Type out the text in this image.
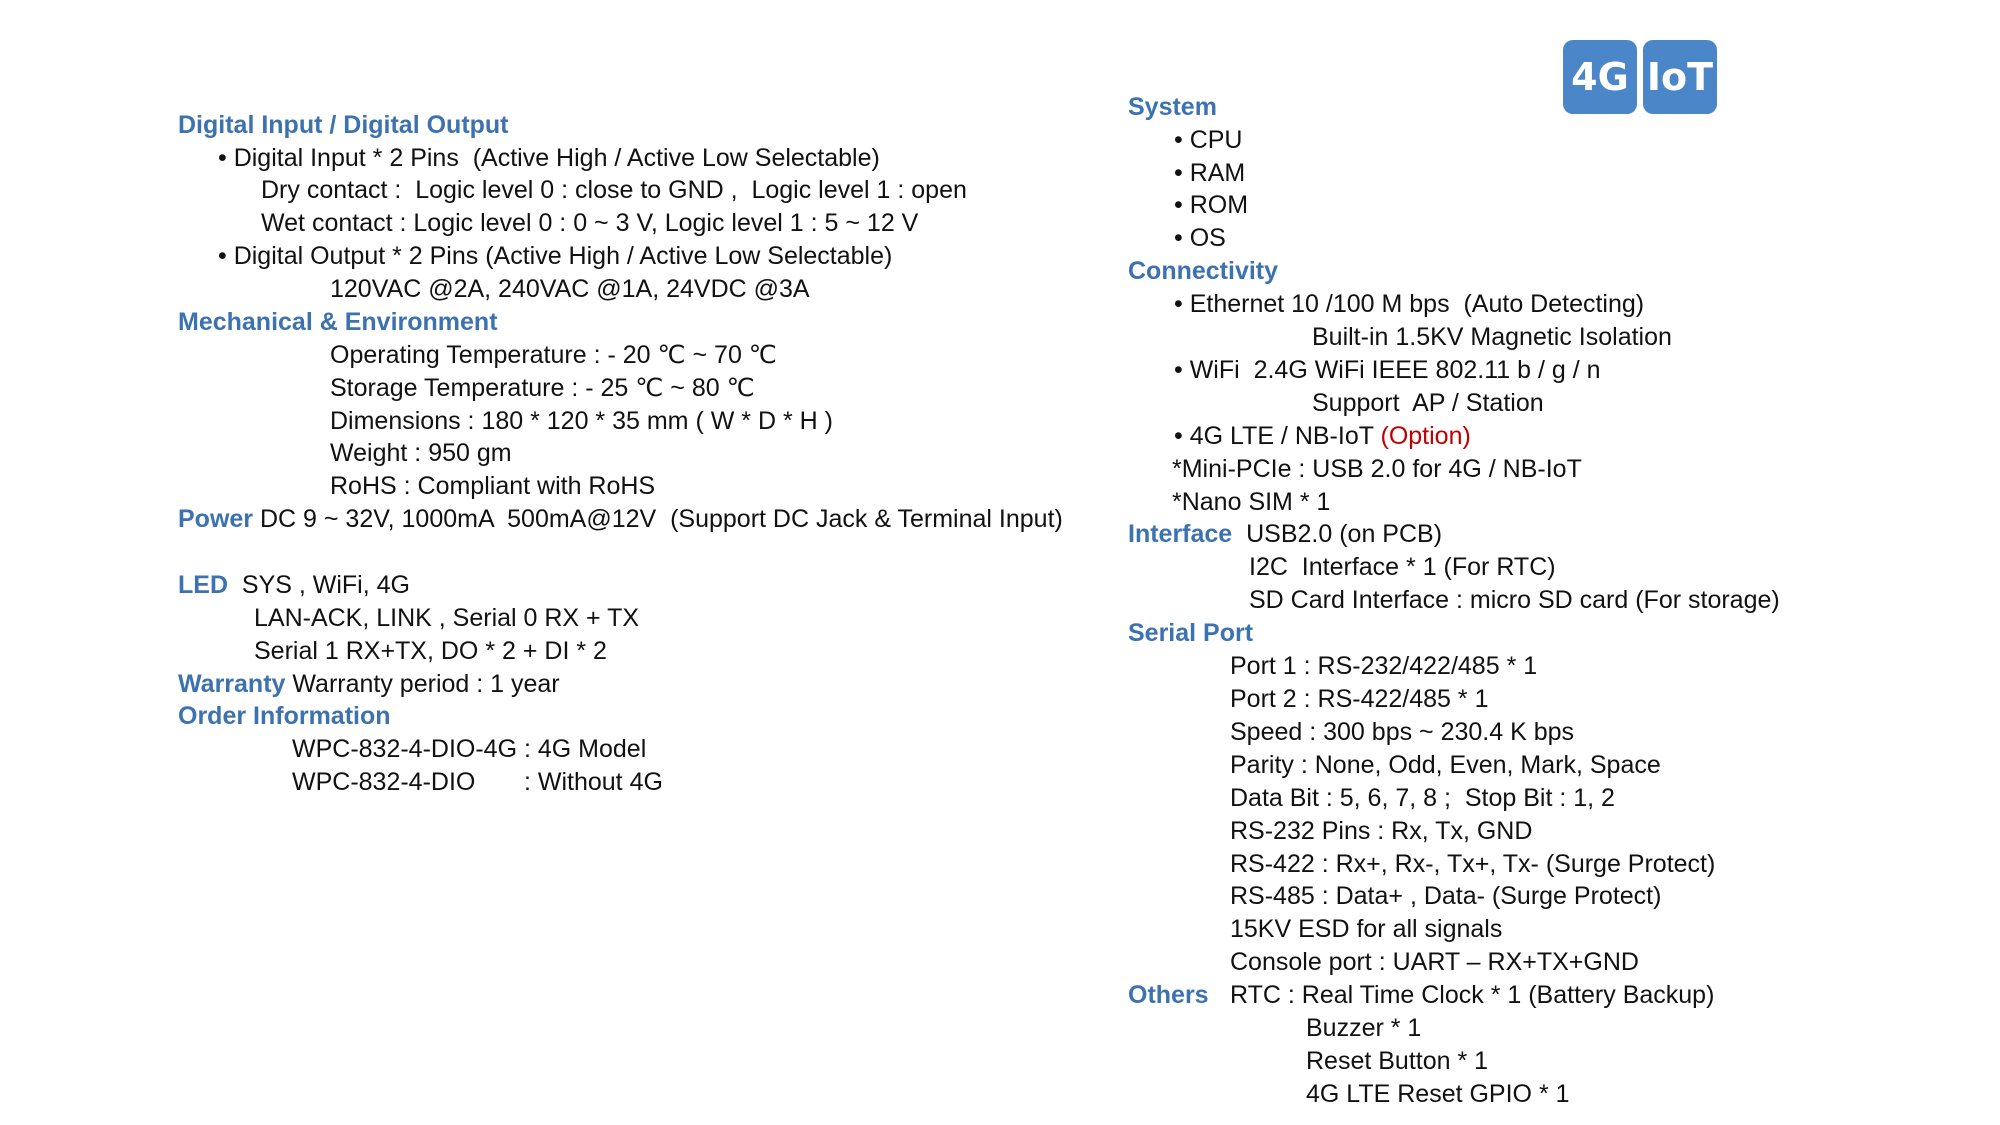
4G IoT
Digital Input / Digital Output
• Digital Input * 2 Pins  (Active High / Active Low Selectable)
Dry contact :  Logic level 0 : close to GND ,  Logic level 1 : open
Wet contact : Logic level 0 : 0 ~ 3 V, Logic level 1 : 5 ~ 12 V
• Digital Output * 2 Pins (Active High / Active Low Selectable)
120VAC @2A, 240VAC @1A, 24VDC @3A
Mechanical & Environment
Operating Temperature : - 20 ℃ ~ 70 ℃
Storage Temperature : - 25 ℃ ~ 80 ℃
Dimensions : 180 * 120 * 35 mm ( W * D * H )
Weight : 950 gm
RoHS : Compliant with RoHS
Power DC 9 ~ 32V, 1000mA  500mA@12V  (Support DC Jack & Terminal Input)
LED  SYS , WiFi, 4G
LAN-ACK, LINK , Serial 0 RX + TX
Serial 1 RX+TX, DO * 2 + DI * 2
Warranty Warranty period : 1 year
Order Information
WPC-832-4-DIO-4G : 4G Model
WPC-832-4-DIO       : Without 4G
System
• CPU
• RAM
• ROM
• OS
Connectivity
• Ethernet 10 /100 M bps  (Auto Detecting)
Built-in 1.5KV Magnetic Isolation
• WiFi  2.4G WiFi IEEE 802.11 b / g / n
Support  AP / Station
• 4G LTE / NB-IoT (Option)
*Mini-PCIe : USB 2.0 for 4G / NB-IoT
*Nano SIM * 1
Interface  USB2.0 (on PCB)
I2C  Interface * 1 (For RTC)
SD Card Interface : micro SD card (For storage)
Serial Port
Port 1 : RS-232/422/485 * 1
Port 2 : RS-422/485 * 1
Speed : 300 bps ~ 230.4 K bps
Parity : None, Odd, Even, Mark, Space
Data Bit : 5, 6, 7, 8 ;  Stop Bit : 1, 2
RS-232 Pins : Rx, Tx, GND
RS-422 : Rx+, Rx-, Tx+, Tx- (Surge Protect)
RS-485 : Data+ , Data- (Surge Protect)
15KV ESD for all signals
Console port : UART – RX+TX+GND
Others RTC : Real Time Clock * 1 (Battery Backup)
Buzzer * 1
Reset Button * 1
4G LTE Reset GPIO * 1
